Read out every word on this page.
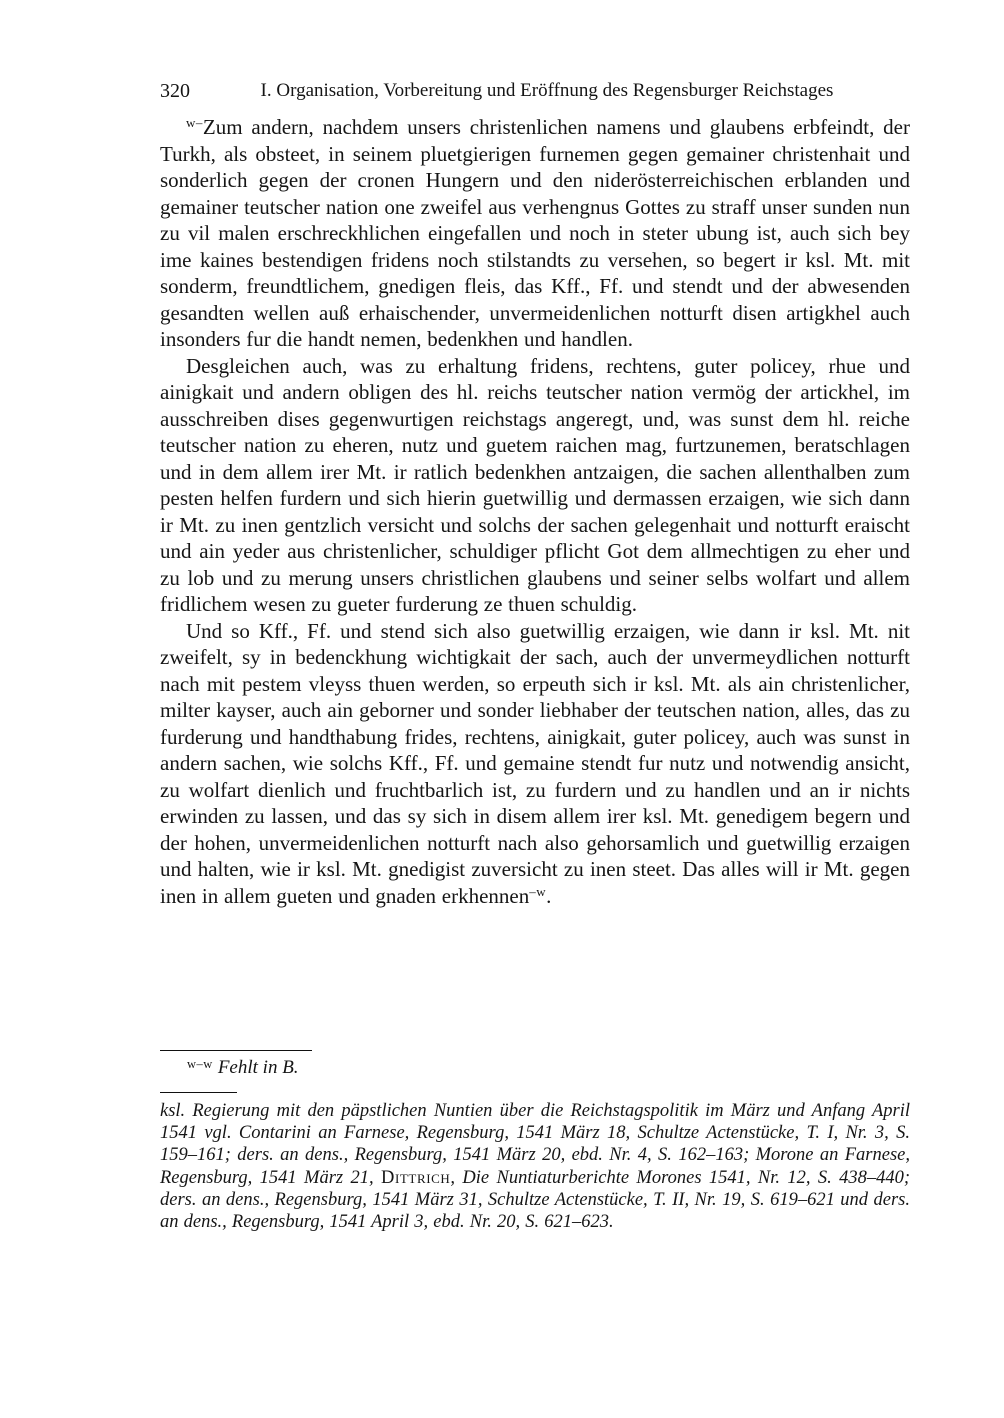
320	I. Organisation, Vorbereitung und Eröffnung des Regensburger Reichstages

$^{w-}$Zum andern, nachdem unsers christenlichen namens und glaubens erbfeindt, der Turkh, als obsteet, in seinem pluetgierigen furnemen gegen gemainer christenhait und sonderlich gegen der cronen Hungern und den niderösterreichischen erblanden und gemainer teutscher nation one zweifel aus verhengnus Gottes zu straff unser sunden nun zu vil malen erschreckhlichen eingefallen und noch in steter ubung ist, auch sich bey ime kaines bestendigen fridens noch stilstandts zu versehen, so begert ir ksl. Mt. mit sonderm, freundtlichem, gnedigen fleis, das Kff., Ff. und stendt und der abwesenden gesandten wellen auß erhaischender, unvermeidenlichen notturft disen artigkhel auch insonders fur die handt nemen, bedenkhen und handlen.

Desgleichen auch, was zu erhaltung fridens, rechtens, guter policey, rhue und ainigkait und andern obligen des hl. reichs teutscher nation vermög der artickhel, im ausschreiben dises gegenwurtigen reichstags angeregt, und, was sunst dem hl. reiche teutscher nation zu eheren, nutz und guetem raichen mag, furtzunemen, beratschlagen und in dem allem irer Mt. ir ratlich bedenkhen antzaigen, die sachen allenthalben zum pesten helfen furdern und sich hierin guetwillig und dermassen erzaigen, wie sich dann ir Mt. zu inen gentzlich versicht und solchs der sachen gelegenhait und notturft eraischt und ain yeder aus christenlicher, schuldiger pflicht Got dem allmechtigen zu eher und zu lob und zu merung unsers christlichen glaubens und seiner selbs wolfart und allem fridlichem wesen zu gueter furderung ze thuen schuldig.

Und so Kff., Ff. und stend sich also guetwillig erzaigen, wie dann ir ksl. Mt. nit zweifelt, sy in bedenckhung wichtigkait der sach, auch der unvermeydlichen notturft nach mit pestem vleyss thuen werden, so erpeuth sich ir ksl. Mt. als ain christenlicher, milter kayser, auch ain geborner und sonder liebhaber der teutschen nation, alles, das zu furderung und handthabung frides, rechtens, ainigkait, guter policey, auch was sunst in andern sachen, wie solchs Kff., Ff. und gemaine stendt fur nutz und notwendig ansicht, zu wolfart dienlich und fruchtbarlich ist, zu furdern und zu handlen und an ir nichts erwinden zu lassen, und das sy sich in disem allem irer ksl. Mt. genedigem begern und der hohen, unvermeidenlichen notturft nach also gehorsamlich und guetwillig erzaigen und halten, wie ir ksl. Mt. gnedigist zuversicht zu inen steet. Das alles will ir Mt. gegen inen in allem gueten und gnaden erkhennen$^{-w}$.

$^{w-w}$ Fehlt in B.

ksl. Regierung mit den päpstlichen Nuntien über die Reichstagspolitik im März und Anfang April 1541 vgl. Contarini an Farnese, Regensburg, 1541 März 18, Schultze Actenstücke, T. I, Nr. 3, S. 159–161; ders. an dens., Regensburg, 1541 März 20, ebd. Nr. 4, S. 162–163; Morone an Farnese, Regensburg, 1541 März 21, Dittrich, Die Nuntiaturberichte Morones 1541, Nr. 12, S. 438–440; ders. an dens., Regensburg, 1541 März 31, Schultze Actenstücke, T. II, Nr. 19, S. 619–621 und ders. an dens., Regensburg, 1541 April 3, ebd. Nr. 20, S. 621–623.
